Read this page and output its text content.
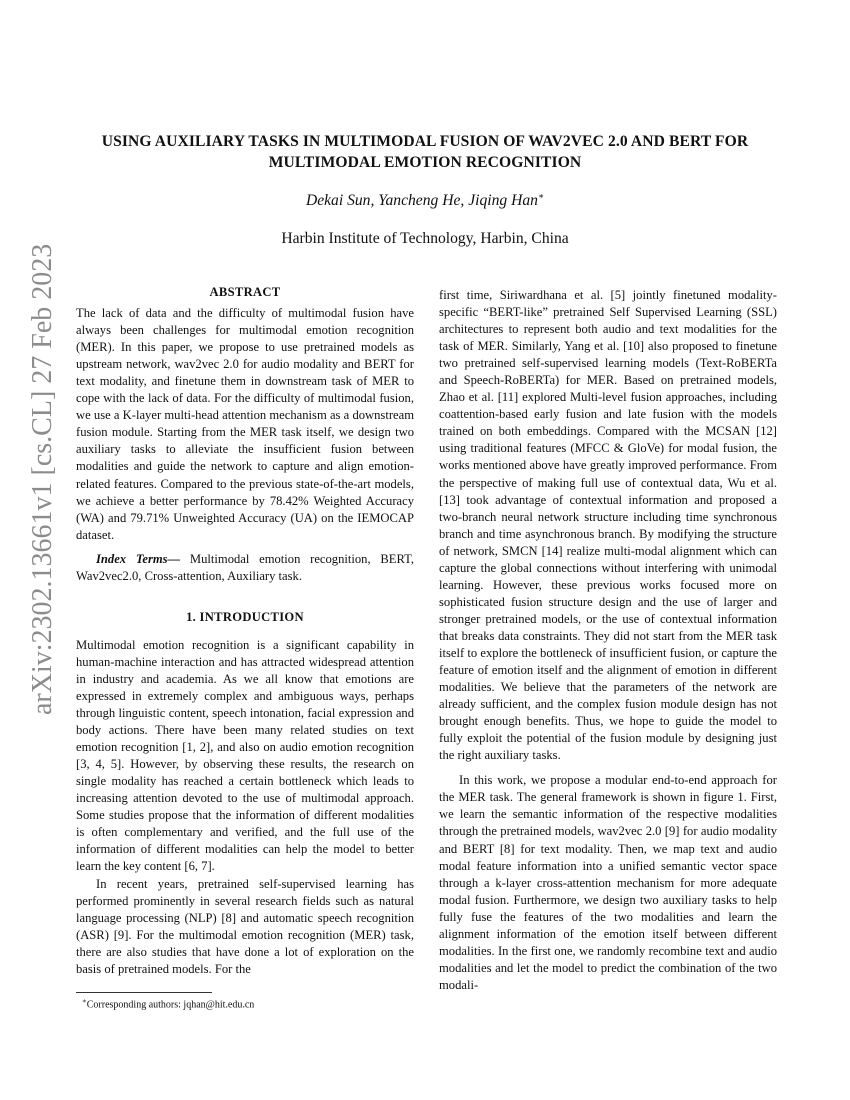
USING AUXILIARY TASKS IN MULTIMODAL FUSION OF WAV2VEC 2.0 AND BERT FOR
MULTIMODAL EMOTION RECOGNITION
Dekai Sun, Yancheng He, Jiqing Han∗
Harbin Institute of Technology, Harbin, China
arXiv:2302.13661v1 [cs.CL] 27 Feb 2023	ABSTRACT

The lack of data and the difficulty of multimodal fusion have always been challenges for multimodal emotion recognition (MER). In this paper, we propose to use pretrained models as upstream network, wav2vec 2.0 for audio modality and BERT for text modality, and finetune them in downstream task of MER to cope with the lack of data. For the difficulty of multimodal fusion, we use a K-layer multi-head attention mechanism as a downstream fusion module. Starting from the MER task itself, we design two auxiliary tasks to alleviate the insufficient fusion between modalities and guide the network to capture and align emotion-related features. Compared to the previous state-of-the-art models, we achieve a better performance by 78.42% Weighted Accuracy (WA) and 79.71% Unweighted Accuracy (UA) on the IEMOCAP dataset.

Index Terms— Multimodal emotion recognition, BERT, Wav2vec2.0, Cross-attention, Auxiliary task.

1. INTRODUCTION

Multimodal emotion recognition is a significant capability in human-machine interaction and has attracted widespread attention in industry and academia. As we all know that emotions are expressed in extremely complex and ambiguous ways, perhaps through linguistic content, speech intonation, facial expression and body actions. There have been many related studies on text emotion recognition [1, 2], and also on audio emotion recognition [3, 4, 5]. However, by observing these results, the research on single modality has reached a certain bottleneck which leads to increasing attention devoted to the use of multimodal approach. Some studies propose that the information of different modalities is often complementary and verified, and the full use of the information of different modalities can help the model to better learn the key content [6, 7].

In recent years, pretrained self-supervised learning has performed prominently in several research fields such as natural language processing (NLP) [8] and automatic speech recognition (ASR) [9]. For the multimodal emotion recognition (MER) task, there are also studies that have done a lot of exploration on the basis of pretrained models. For the

first time, Siriwardhana et al. [5] jointly finetuned modality-specific “BERT-like” pretrained Self Supervised Learning (SSL) architectures to represent both audio and text modalities for the task of MER. Similarly, Yang et al. [10] also proposed to finetune two pretrained self-supervised learning models (Text-RoBERTa and Speech-RoBERTa) for MER. Based on pretrained models, Zhao et al. [11] explored Multi-level fusion approaches, including coattention-based early fusion and late fusion with the models trained on both embeddings. Compared with the MCSAN [12] using traditional features (MFCC & GloVe) for modal fusion, the works mentioned above have greatly improved performance. From the perspective of making full use of contextual data, Wu et al. [13] took advantage of contextual information and proposed a two-branch neural network structure including time synchronous branch and time asynchronous branch. By modifying the structure of network, SMCN [14] realize multi-modal alignment which can capture the global connections without interfering with unimodal learning. However, these previous works focused more on sophisticated fusion structure design and the use of larger and stronger pretrained models, or the use of contextual information that breaks data constraints. They did not start from the MER task itself to explore the bottleneck of insufficient fusion, or capture the feature of emotion itself and the alignment of emotion in different modalities. We believe that the parameters of the network are already sufficient, and the complex fusion module design has not brought enough benefits. Thus, we hope to guide the model to fully exploit the potential of the fusion module by designing just the right auxiliary tasks.

In this work, we propose a modular end-to-end approach for the MER task. The general framework is shown in figure 1. First, we learn the semantic information of the respective modalities through the pretrained models, wav2vec 2.0 [9] for audio modality and BERT [8] for text modality. Then, we map text and audio modal feature information into a unified semantic vector space through a k-layer cross-attention mechanism for more adequate modal fusion. Furthermore, we design two auxiliary tasks to help fully fuse the features of the two modalities and learn the alignment information of the emotion itself between different modalities. In the first one, we randomly recombine text and audio modalities and let the model to predict the combination of the two modali-

∗Corresponding authors: jqhan@hit.edu.cn
